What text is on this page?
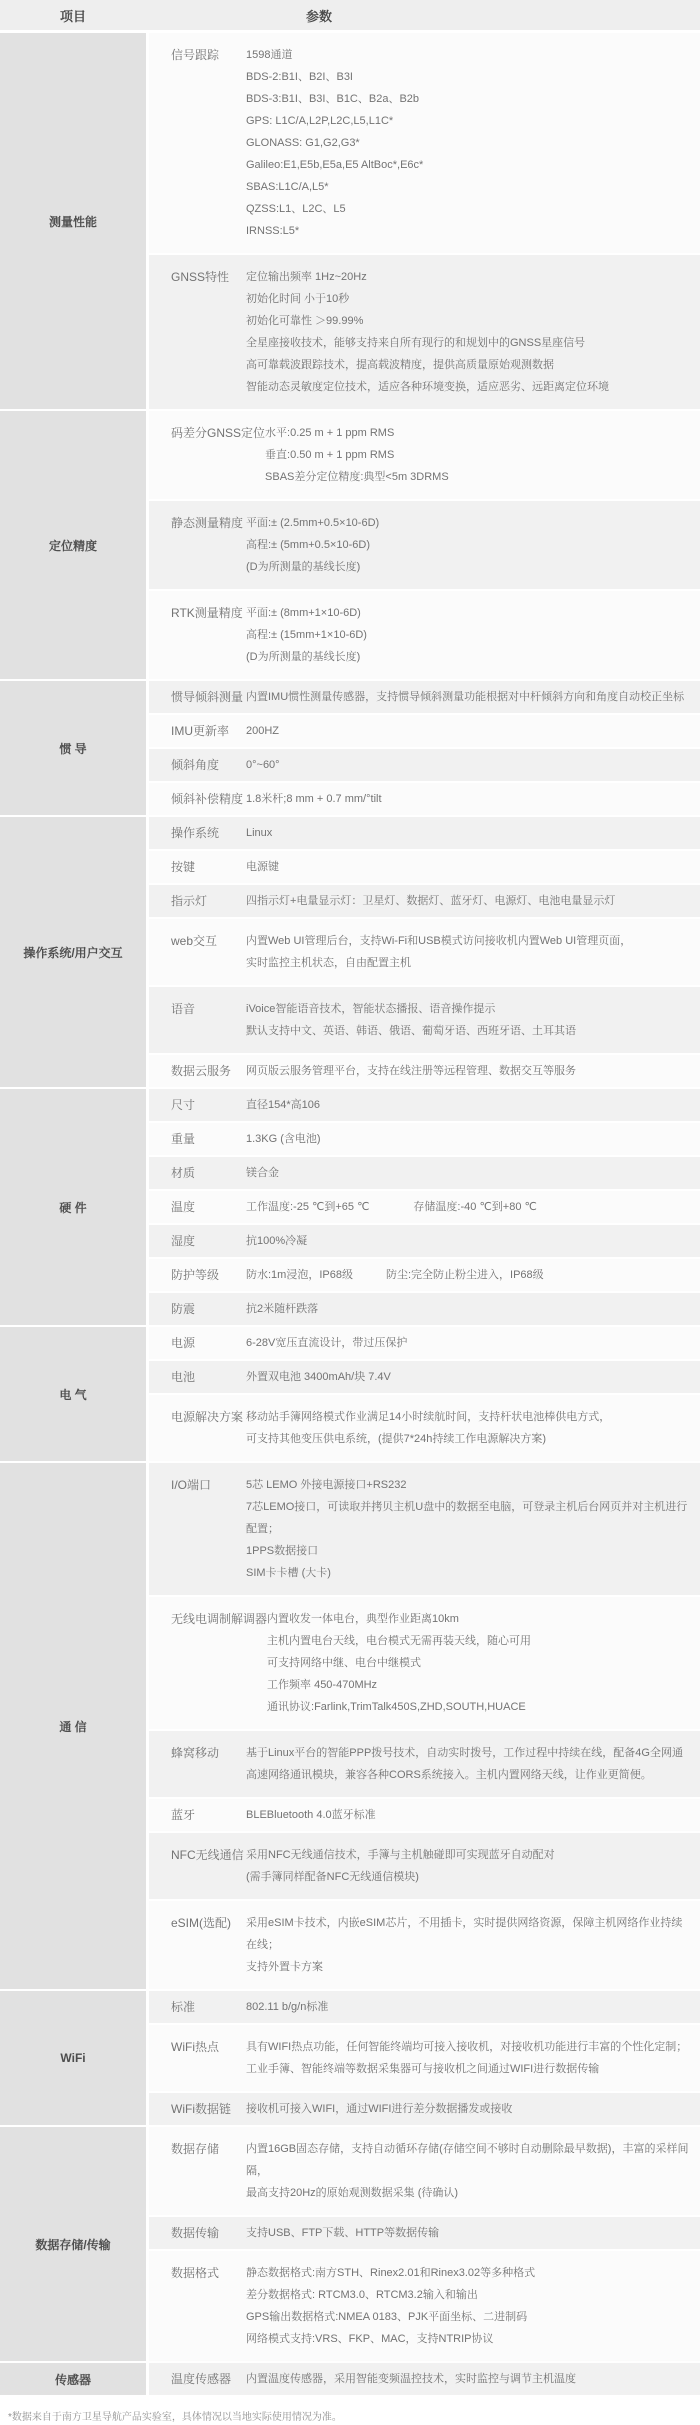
项目	参数
测量性能
信号跟踪	1598通道
BDS-2:B1I、B2I、B3I
BDS-3:B1I、B3I、B1C、B2a、B2b
GPS: L1C/A,L2P,L2C,L5,L1C*
GLONASS: G1,G2,G3*
Galileo:E1,E5b,E5a,E5 AltBoc*,E6c*
SBAS:L1C/A,L5*
QZSS:L1、L2C、L5
IRNSS:L5*
GNSS特性	定位输出频率 1Hz~20Hz
初始化时间 小于10秒
初始化可靠性 ＞99.99%
全星座接收技术，能够支持来自所有现行的和规划中的GNSS星座信号
高可靠载波跟踪技术，提高载波精度，提供高质量原始观测数据
智能动态灵敏度定位技术，适应各种环境变换，适应恶劣、远距离定位环境
定位精度
码差分GNSS定位 水平:0.25 m + 1 ppm RMS
垂直:0.50 m + 1 ppm RMS
SBAS差分定位精度:典型<5m 3DRMS
静态测量精度 平面:± (2.5mm+0.5×10-6D)
高程:± (5mm+0.5×10-6D)
(D为所测量的基线长度)
RTK测量精度 平面:± (8mm+1×10-6D)
高程:± (15mm+1×10-6D)
(D为所测量的基线长度)
惯 导
惯导倾斜测量 内置IMU惯性测量传感器，支持惯导倾斜测量功能根据对中杆倾斜方向和角度自动校正坐标
IMU更新率	200HZ
倾斜角度	0°~60°
倾斜补偿精度 1.8米杆;8 mm + 0.7 mm/°tilt
操作系统/用户交互
操作系统	Linux
按键	电源键
指示灯	四指示灯+电量显示灯：卫星灯、数据灯、蓝牙灯、电源灯、电池电量显示灯
web交互	内置Web UI管理后台，支持Wi-Fi和USB模式访问接收机内置Web UI管理页面，
实时监控主机状态，自由配置主机
语音	iVoice智能语音技术，智能状态播报、语音操作提示
默认支持中文、英语、韩语、俄语、葡萄牙语、西班牙语、土耳其语
数据云服务	网页版云服务管理平台，支持在线注册等远程管理、数据交互等服务
硬 件
尺寸	直径154*高106
重量	1.3KG (含电池)
材质	镁合金
温度	工作温度:-25 ℃到+65 ℃　　　　存储温度:-40 ℃到+80 ℃
湿度	抗100%冷凝
防护等级	防水:1m浸泡，IP68级　　　防尘:完全防止粉尘进入，IP68级
防震	抗2米随杆跌落
电 气
电源	6-28V宽压直流设计，带过压保护
电池	外置双电池 3400mAh/块 7.4V
电源解决方案 移动站手簿网络模式作业满足14小时续航时间，支持杆状电池棒供电方式，
可支持其他变压供电系统，(提供7*24h持续工作电源解决方案)
通 信
I/O端口	5芯 LEMO 外接电源接口+RS232
7芯LEMO接口，可读取并拷贝主机U盘中的数据至电脑，可登录主机后台网页并对主机进行配置；
1PPS数据接口
SIM卡卡槽 (大卡)
无线电调制解调器 内置收发一体电台，典型作业距离10km
主机内置电台天线，电台模式无需再装天线，随心可用
可支持网络中继、电台中继模式
工作频率 450-470MHz
通讯协议:Farlink,TrimTalk450S,ZHD,SOUTH,HUACE
蜂窝移动	基于Linux平台的智能PPP拨号技术，自动实时拨号，工作过程中持续在线，配备4G全网通
高速网络通讯模块，兼容各种CORS系统接入。主机内置网络天线，让作业更简便。
蓝牙	BLEBluetooth 4.0蓝牙标准
NFC无线通信 采用NFC无线通信技术，手簿与主机触碰即可实现蓝牙自动配对
(需手簿同样配备NFC无线通信模块)
eSIM(选配)	采用eSIM卡技术，内嵌eSIM芯片，不用插卡，实时提供网络资源，保障主机网络作业持续在线；
支持外置卡方案
WiFi
标准	802.11 b/g/n标准
WiFi热点	具有WIFI热点功能，任何智能终端均可接入接收机，对接收机功能进行丰富的个性化定制；
工业手簿、智能终端等数据采集器可与接收机之间通过WIFI进行数据传输
WiFi数据链	接收机可接入WIFI，通过WIFI进行差分数据播发或接收
数据存储/传输
数据存储	内置16GB固态存储，支持自动循环存储(存储空间不够时自动删除最早数据)，丰富的采样间隔，
最高支持20Hz的原始观测数据采集 (待确认)
数据传输	支持USB、FTP下载、HTTP等数据传输
数据格式	静态数据格式:南方STH、Rinex2.01和Rinex3.02等多种格式
差分数据格式: RTCM3.0、RTCM3.2输入和输出
GPS输出数据格式:NMEA 0183、PJK平面坐标、二进制码
网络模式支持:VRS、FKP、MAC，支持NTRIP协议
传感器	温度传感器	内置温度传感器，采用智能变频温控技术，实时监控与调节主机温度
*数据来自于南方卫星导航产品实验室，具体情况以当地实际使用情况为准。
